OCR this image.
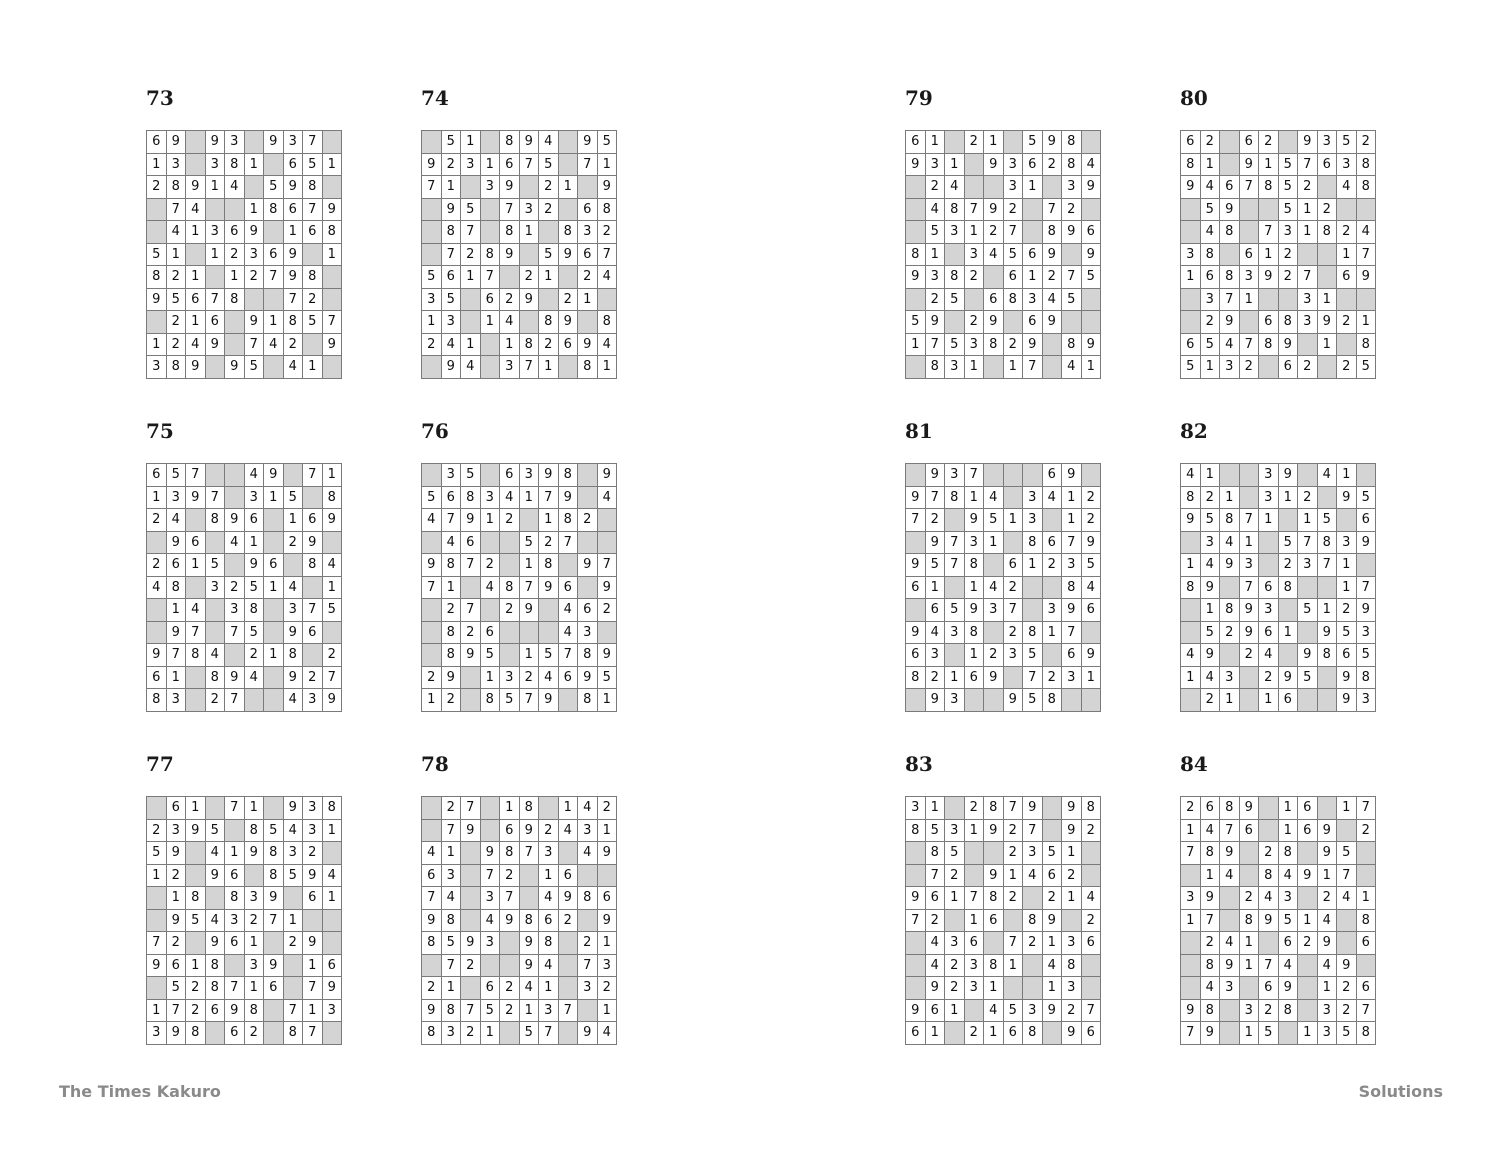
73
6	9		9	3		9	3	7	
1	3		3	8	1		6	5	1
2	8	9	1	4		5	9	8	
	7	4			1	8	6	7	9
	4	1	3	6	9		1	6	8
5	1		1	2	3	6	9		1
8	2	1		1	2	7	9	8	
9	5	6	7	8			7	2	
	2	1	6		9	1	8	5	7
1	2	4	9		7	4	2		9
3	8	9		9	5		4	1	
74
	5	1		8	9	4		9	5
9	2	3	1	6	7	5		7	1
7	1		3	9		2	1		9
	9	5		7	3	2		6	8
	8	7		8	1		8	3	2
	7	2	8	9		5	9	6	7
5	6	1	7		2	1		2	4
3	5		6	2	9		2	1	
1	3		1	4		8	9		8
2	4	1		1	8	2	6	9	4
	9	4		3	7	1		8	1
75
6	5	7			4	9		7	1
1	3	9	7		3	1	5		8
2	4		8	9	6		1	6	9
	9	6		4	1		2	9	
2	6	1	5		9	6		8	4
4	8		3	2	5	1	4		1
	1	4		3	8		3	7	5
	9	7		7	5		9	6	
9	7	8	4		2	1	8		2
6	1		8	9	4		9	2	7
8	3		2	7			4	3	9
76
	3	5		6	3	9	8		9
5	6	8	3	4	1	7	9		4
4	7	9	1	2		1	8	2	
	4	6			5	2	7		
9	8	7	2		1	8		9	7
7	1		4	8	7	9	6		9
	2	7		2	9		4	6	2
	8	2	6				4	3	
	8	9	5		1	5	7	8	9
2	9		1	3	2	4	6	9	5
1	2		8	5	7	9		8	1
77
	6	1		7	1		9	3	8
2	3	9	5		8	5	4	3	1
5	9		4	1	9	8	3	2	
1	2		9	6		8	5	9	4
	1	8		8	3	9		6	1
	9	5	4	3	2	7	1		
7	2		9	6	1		2	9	
9	6	1	8		3	9		1	6
	5	2	8	7	1	6		7	9
1	7	2	6	9	8		7	1	3
3	9	8		6	2		8	7	
78
	2	7		1	8		1	4	2
	7	9		6	9	2	4	3	1
4	1		9	8	7	3		4	9
6	3		7	2		1	6		
7	4		3	7		4	9	8	6
9	8		4	9	8	6	2		9
8	5	9	3		9	8		2	1
	7	2			9	4		7	3
2	1		6	2	4	1		3	2
9	8	7	5	2	1	3	7		1
8	3	2	1		5	7		9	4
79
6	1		2	1		5	9	8	
9	3	1		9	3	6	2	8	4
	2	4			3	1		3	9
	4	8	7	9	2		7	2	
	5	3	1	2	7		8	9	6
8	1		3	4	5	6	9		9
9	3	8	2		6	1	2	7	5
	2	5		6	8	3	4	5	
5	9		2	9		6	9		
1	7	5	3	8	2	9		8	9
	8	3	1		1	7		4	1
80
6	2		6	2		9	3	5	2
8	1		9	1	5	7	6	3	8
9	4	6	7	8	5	2		4	8
	5	9			5	1	2		
	4	8		7	3	1	8	2	4
3	8		6	1	2			1	7
1	6	8	3	9	2	7		6	9
	3	7	1			3	1		
	2	9		6	8	3	9	2	1
6	5	4	7	8	9		1		8
5	1	3	2		6	2		2	5
81
	9	3	7				6	9	
9	7	8	1	4		3	4	1	2
7	2		9	5	1	3		1	2
	9	7	3	1		8	6	7	9
9	5	7	8		6	1	2	3	5
6	1		1	4	2			8	4
	6	5	9	3	7		3	9	6
9	4	3	8		2	8	1	7	
6	3		1	2	3	5		6	9
8	2	1	6	9		7	2	3	1
	9	3			9	5	8		
82
4	1			3	9		4	1	
8	2	1		3	1	2		9	5
9	5	8	7	1		1	5		6
	3	4	1		5	7	8	3	9
1	4	9	3		2	3	7	1	
8	9		7	6	8			1	7
	1	8	9	3		5	1	2	9
	5	2	9	6	1		9	5	3
4	9		2	4		9	8	6	5
1	4	3		2	9	5		9	8
	2	1		1	6			9	3
83
3	1		2	8	7	9		9	8
8	5	3	1	9	2	7		9	2
	8	5			2	3	5	1	
	7	2		9	1	4	6	2	
9	6	1	7	8	2		2	1	4
7	2		1	6		8	9		2
	4	3	6		7	2	1	3	6
	4	2	3	8	1		4	8	
	9	2	3	1			1	3	
9	6	1		4	5	3	9	2	7
6	1		2	1	6	8		9	6
84
2	6	8	9		1	6		1	7
1	4	7	6		1	6	9		2
7	8	9		2	8		9	5	
	1	4		8	4	9	1	7	
3	9		2	4	3		2	4	1
1	7		8	9	5	1	4		8
	2	4	1		6	2	9		6
	8	9	1	7	4		4	9	
	4	3		6	9		1	2	6
9	8		3	2	8		3	2	7
7	9		1	5		1	3	5	8
The Times Kakuro	Solutions
